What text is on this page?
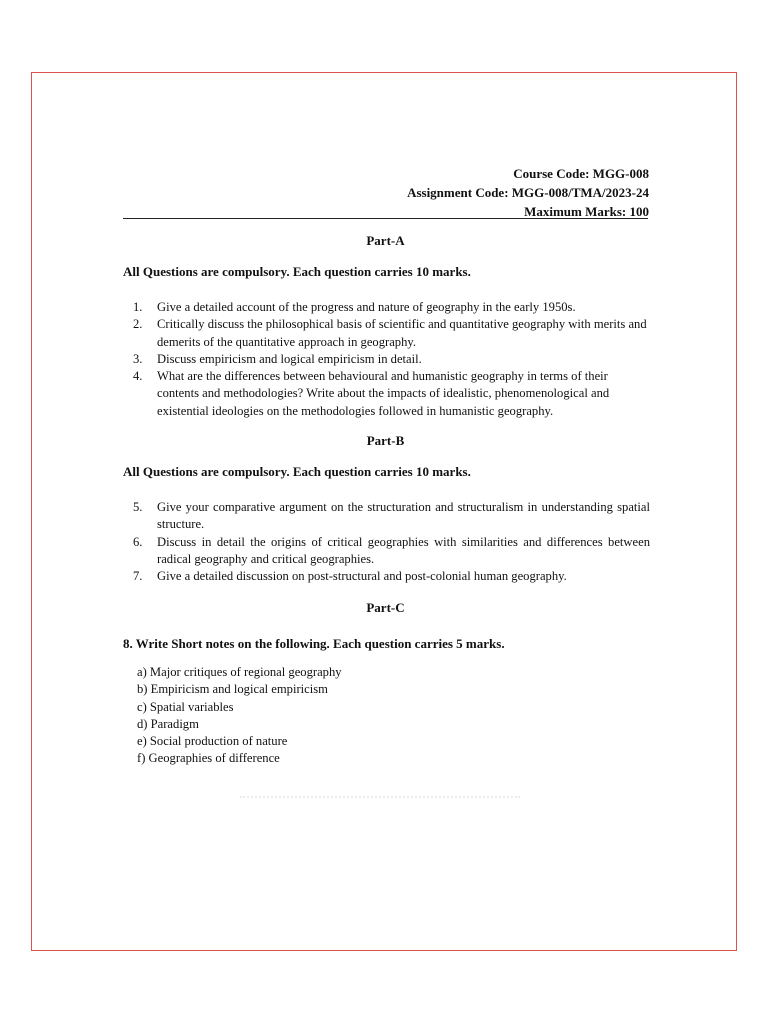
Course Code: MGG-008
Assignment Code: MGG-008/TMA/2023-24
Maximum Marks: 100
Part-A
All Questions are compulsory. Each question carries 10 marks.
1. Give a detailed account of the progress and nature of geography in the early 1950s.
2. Critically discuss the philosophical basis of scientific and quantitative geography with merits and demerits of the quantitative approach in geography.
3. Discuss empiricism and logical empiricism in detail.
4. What are the differences between behavioural and humanistic geography in terms of their contents and methodologies? Write about the impacts of idealistic, phenomenological and existential ideologies on the methodologies followed in humanistic geography.
Part-B
All Questions are compulsory. Each question carries 10 marks.
5. Give your comparative argument on the structuration and structuralism in understanding spatial structure.
6. Discuss in detail the origins of critical geographies with similarities and differences between radical geography and critical geographies.
7. Give a detailed discussion on post-structural and post-colonial human geography.
Part-C
8. Write Short notes on the following. Each question carries 5 marks.
a) Major critiques of regional geography
b) Empiricism and logical empiricism
c) Spatial variables
d) Paradigm
e) Social production of nature
f) Geographies of difference
